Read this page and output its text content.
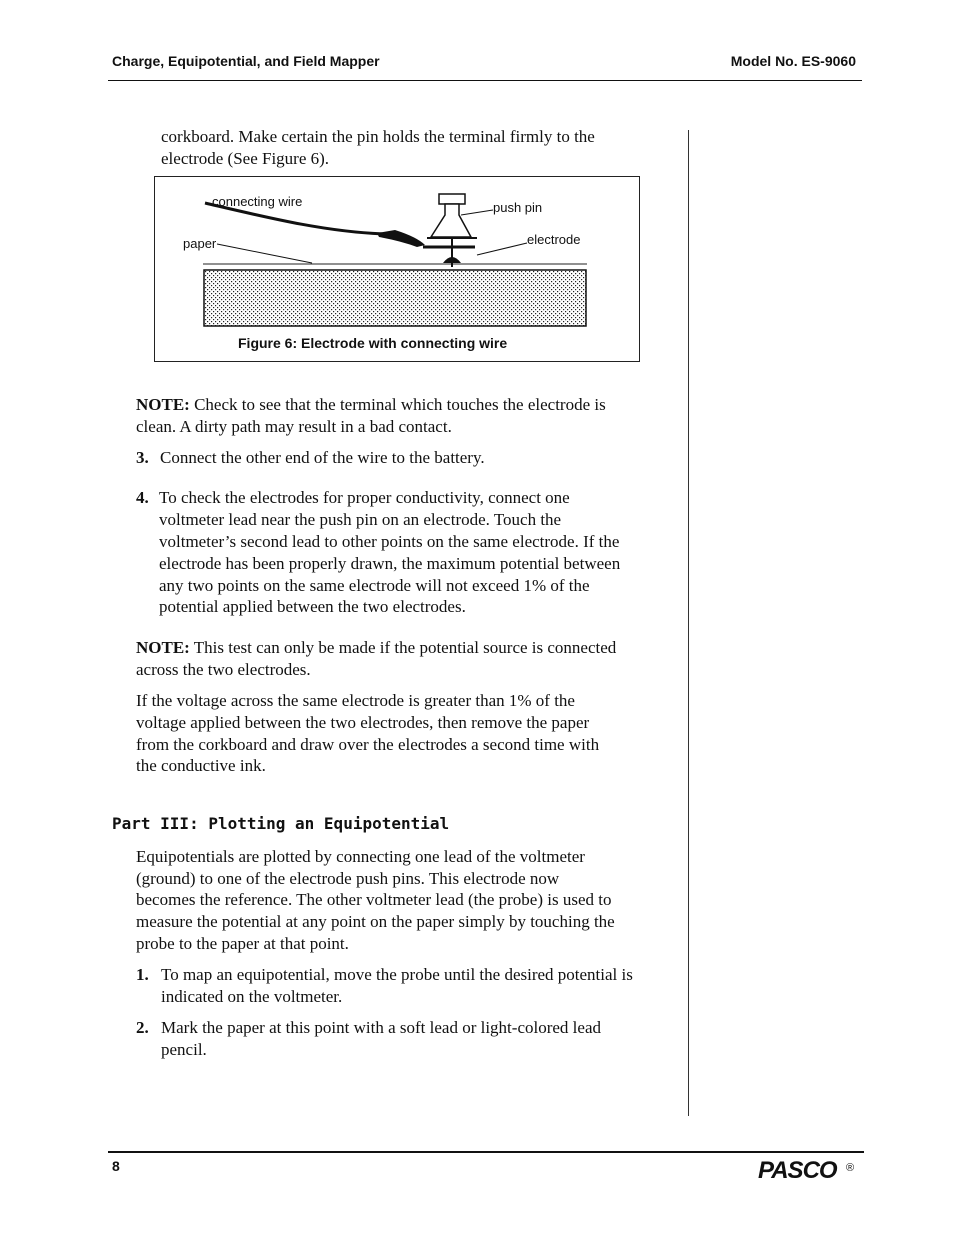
Charge, Equipotential, and Field Mapper	Model No. ES-9060
corkboard. Make certain the pin holds the terminal firmly to the
electrode (See Figure 6).
connecting wire	push pin
paper	electrode
Figure 6: Electrode with connecting wire
NOTE: Check to see that the terminal which touches the electrode is
clean. A dirty path may result in a bad contact.
3. Connect the other end of the wire to the battery.
4. To check the electrodes for proper conductivity, connect one
voltmeter lead near the push pin on an electrode. Touch the
voltmeter’s second lead to other points on the same electrode. If the
electrode has been properly drawn, the maximum potential between
any two points on the same electrode will not exceed 1% of the
potential applied between the two electrodes.
NOTE: This test can only be made if the potential source is connected
across the two electrodes.
If the voltage across the same electrode is greater than 1% of the
voltage applied between the two electrodes, then remove the paper
from the corkboard and draw over the electrodes a second time with
the conductive ink.
Part III: Plotting an Equipotential
Equipotentials are plotted by connecting one lead of the voltmeter
(ground) to one of the electrode push pins. This electrode now
becomes the reference. The other voltmeter lead (the probe) is used to
measure the potential at any point on the paper simply by touching the
probe to the paper at that point.
1. To map an equipotential, move the probe until the desired potential is
indicated on the voltmeter.
2. Mark the paper at this point with a soft lead or light-colored lead
pencil.
8	PASCO ®
